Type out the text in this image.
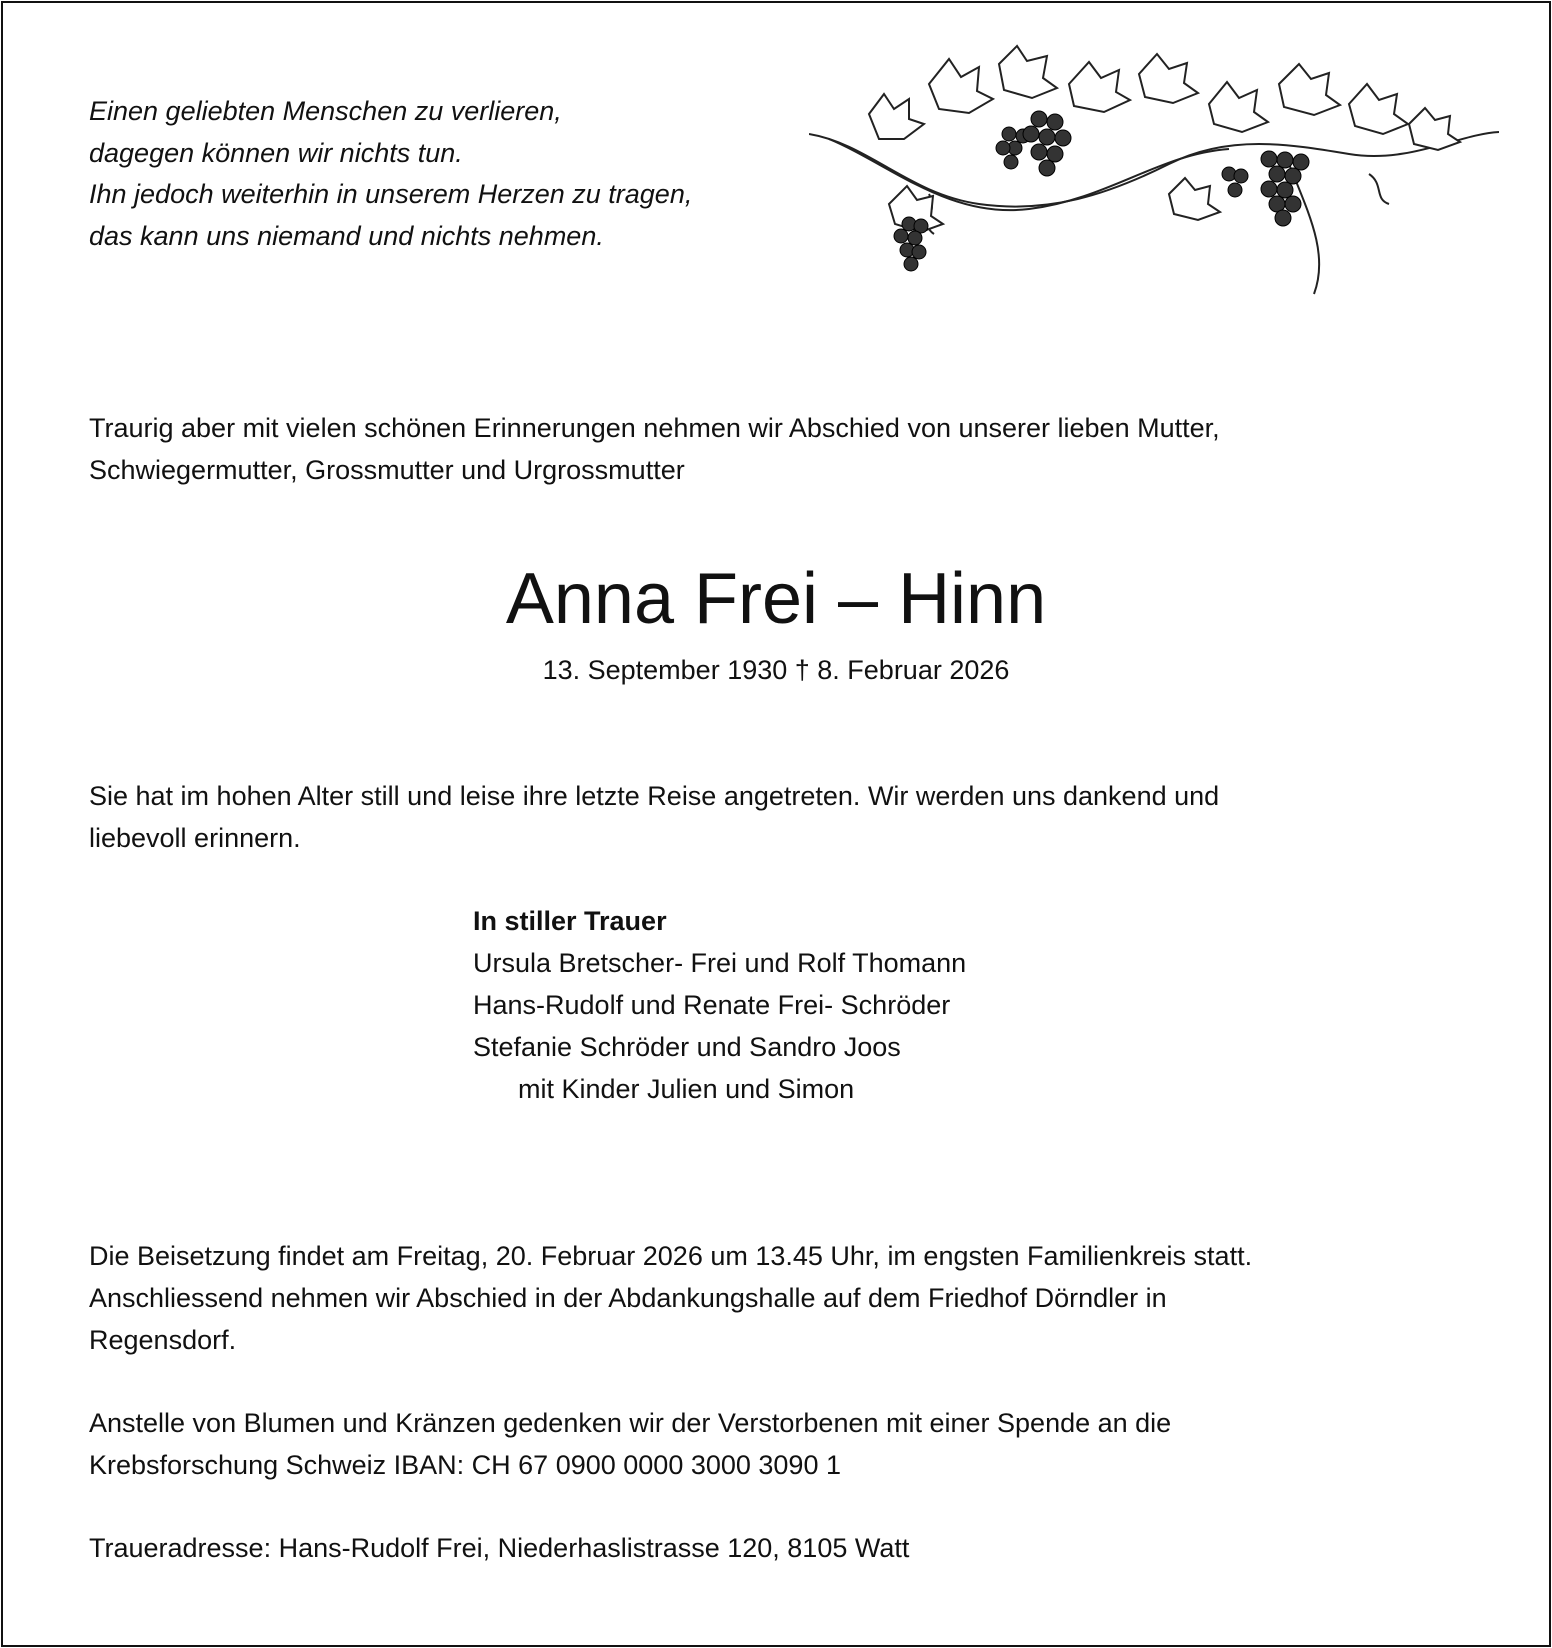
Einen geliebten Menschen zu verlieren,
dagegen können wir nichts tun.
Ihn jedoch weiterhin in unserem Herzen zu tragen,
das kann uns niemand und nichts nehmen.
Traurig aber mit vielen schönen Erinnerungen nehmen wir Abschied von unserer lieben Mutter,
Schwiegermutter, Grossmutter und Urgrossmutter
Anna Frei – Hinn
13. September 1930 † 8. Februar 2026
Sie hat im hohen Alter still und leise ihre letzte Reise angetreten. Wir werden uns dankend und
liebevoll erinnern.
In stiller Trauer
Ursula Bretscher- Frei und Rolf Thomann
Hans-Rudolf und Renate Frei- Schröder
Stefanie Schröder und Sandro Joos
mit Kinder Julien und Simon
Die Beisetzung findet am Freitag, 20. Februar 2026 um 13.45 Uhr, im engsten Familienkreis statt.
Anschliessend nehmen wir Abschied in der Abdankungshalle auf dem Friedhof Dörndler in
Regensdorf.
Anstelle von Blumen und Kränzen gedenken wir der Verstorbenen mit einer Spende an die
Krebsforschung Schweiz IBAN: CH 67 0900 0000 3000 3090 1
Traueradresse: Hans-Rudolf Frei, Niederhaslistrasse 120, 8105 Watt
